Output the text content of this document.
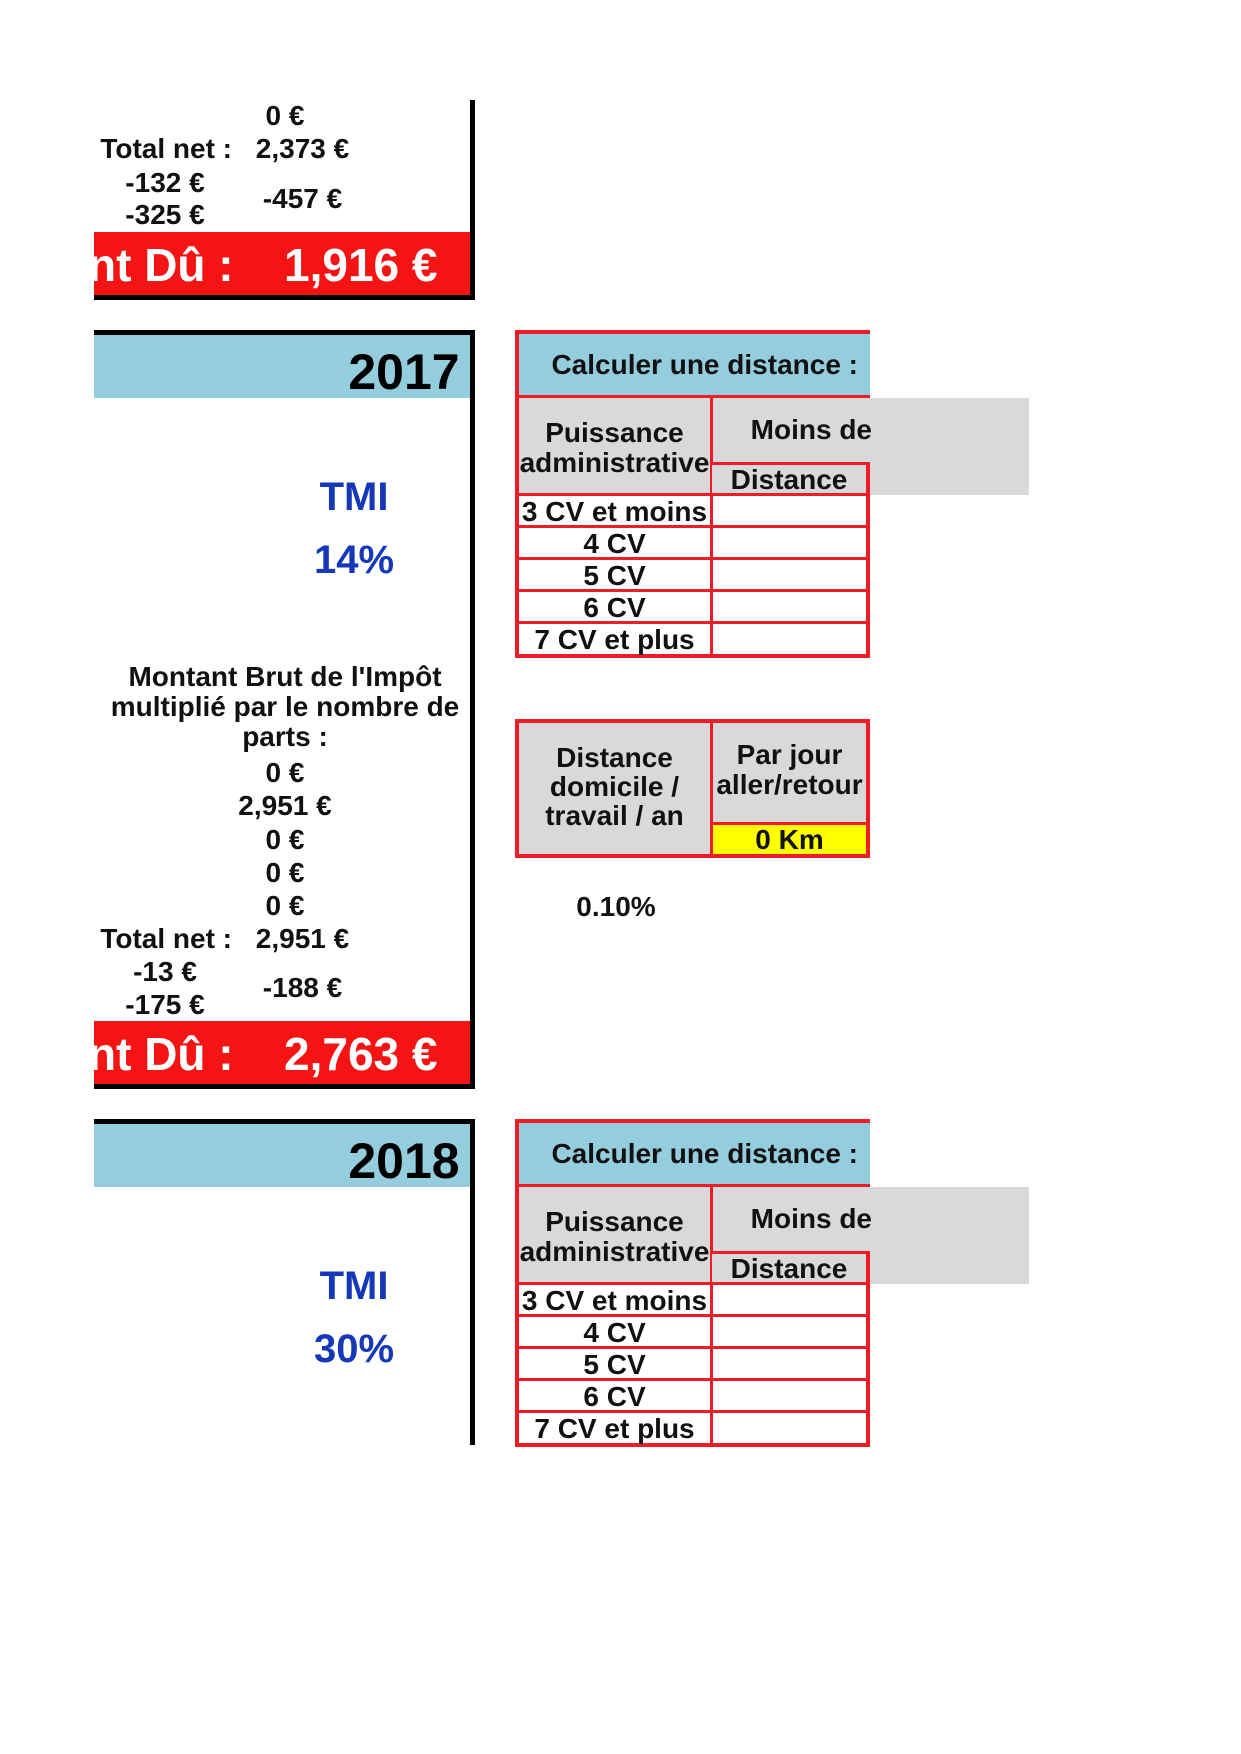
0 €
Total net : 2,373 €
-132 €
-325 €
-457 €
nt Dû : 1,916 €
2017
TMI
14%
Montant Brut de l'Impôt multiplié par le nombre de parts :
0 €
2,951 €
0 €
0 €
0 €
Total net : 2,951 €
-13 €
-175 €
-188 €
nt Dû : 2,763 €
2018
TMI
30%
Calculer une distance :
Puissance administrative
Moins de
Distance
3 CV et moins
4 CV
5 CV
6 CV
7 CV et plus
Distance domicile / travail / an
Par jour aller/retour
0 Km
0.10%
Calculer une distance :
Puissance administrative
Moins de
Distance
3 CV et moins
4 CV
5 CV
6 CV
7 CV et plus
